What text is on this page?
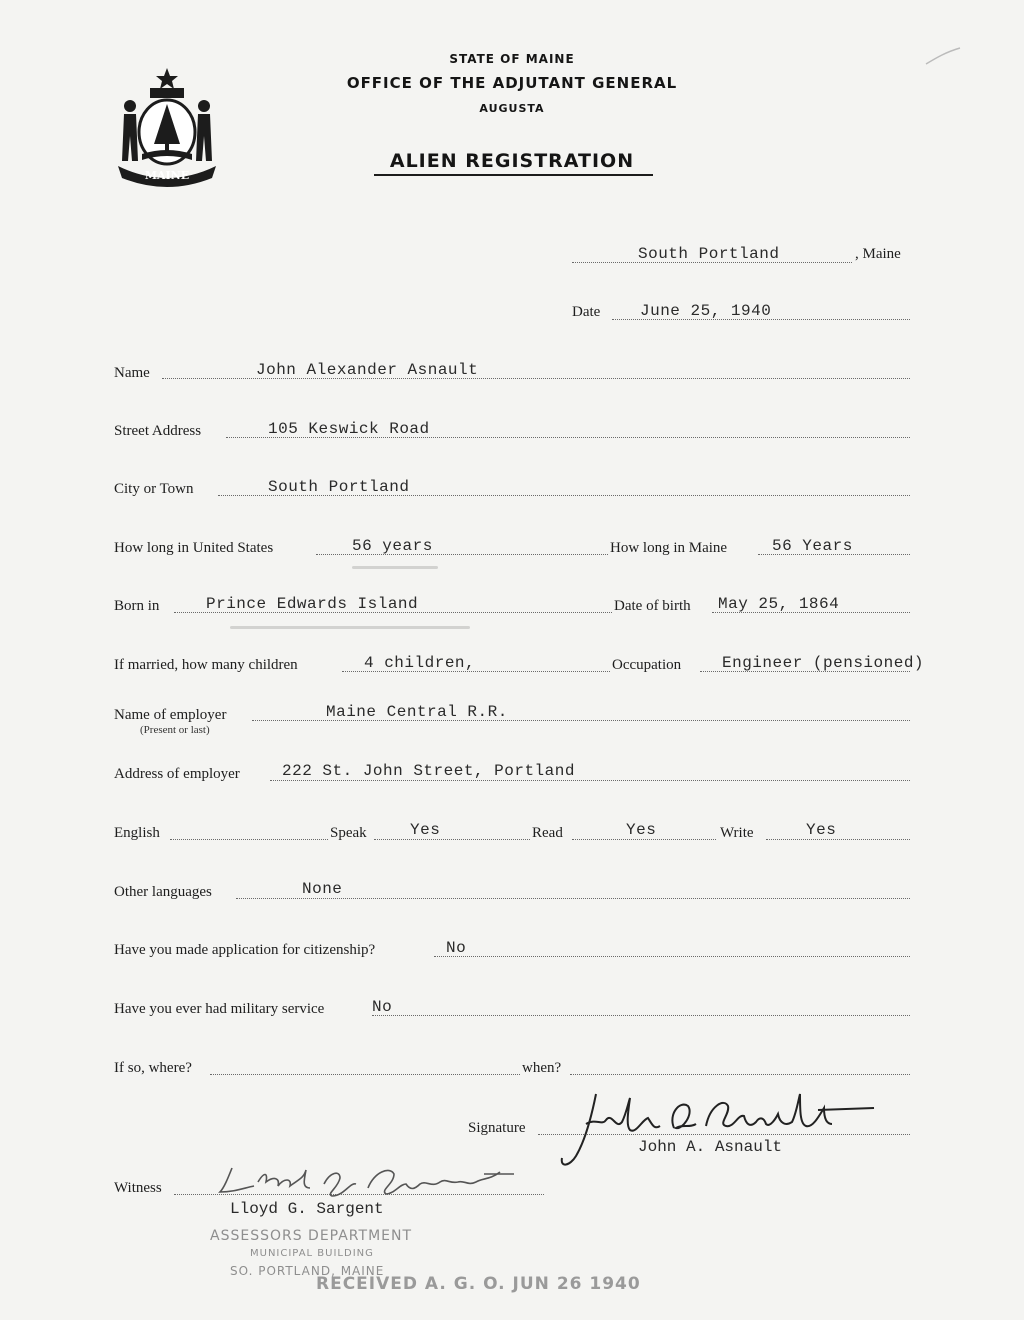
MAINE
STATE OF MAINE
OFFICE OF THE ADJUTANT GENERAL
AUGUSTA
ALIEN REGISTRATION
South Portland	, Maine
Date June 25, 1940
Name	John Alexander Asnault
Street Address	105 Keswick Road
City or Town	South Portland
How long in United States	56 years	How long in Maine	56 Years
Born in	Prince Edwards Island	Date of birth May 25, 1864
If married, how many children	4 children,	Occupation	Engineer (pensioned)
Name of employer
(Present or last)
Maine Central R.R.
Address of employer	222 St. John Street, Portland
English	Speak	Yes	Read	Yes	Write	Yes
Other languages	None
Have you made application for citizenship?	No
Have you ever had military service	No
If so, where?	when?
Signature
John A. Asnault
Witness
Lloyd G. Sargent
ASSESSORS DEPARTMENT
MUNICIPAL BUILDING
SO. PORTLAND, MAINE
RECEIVED A. G. O. JUN 26 1940
